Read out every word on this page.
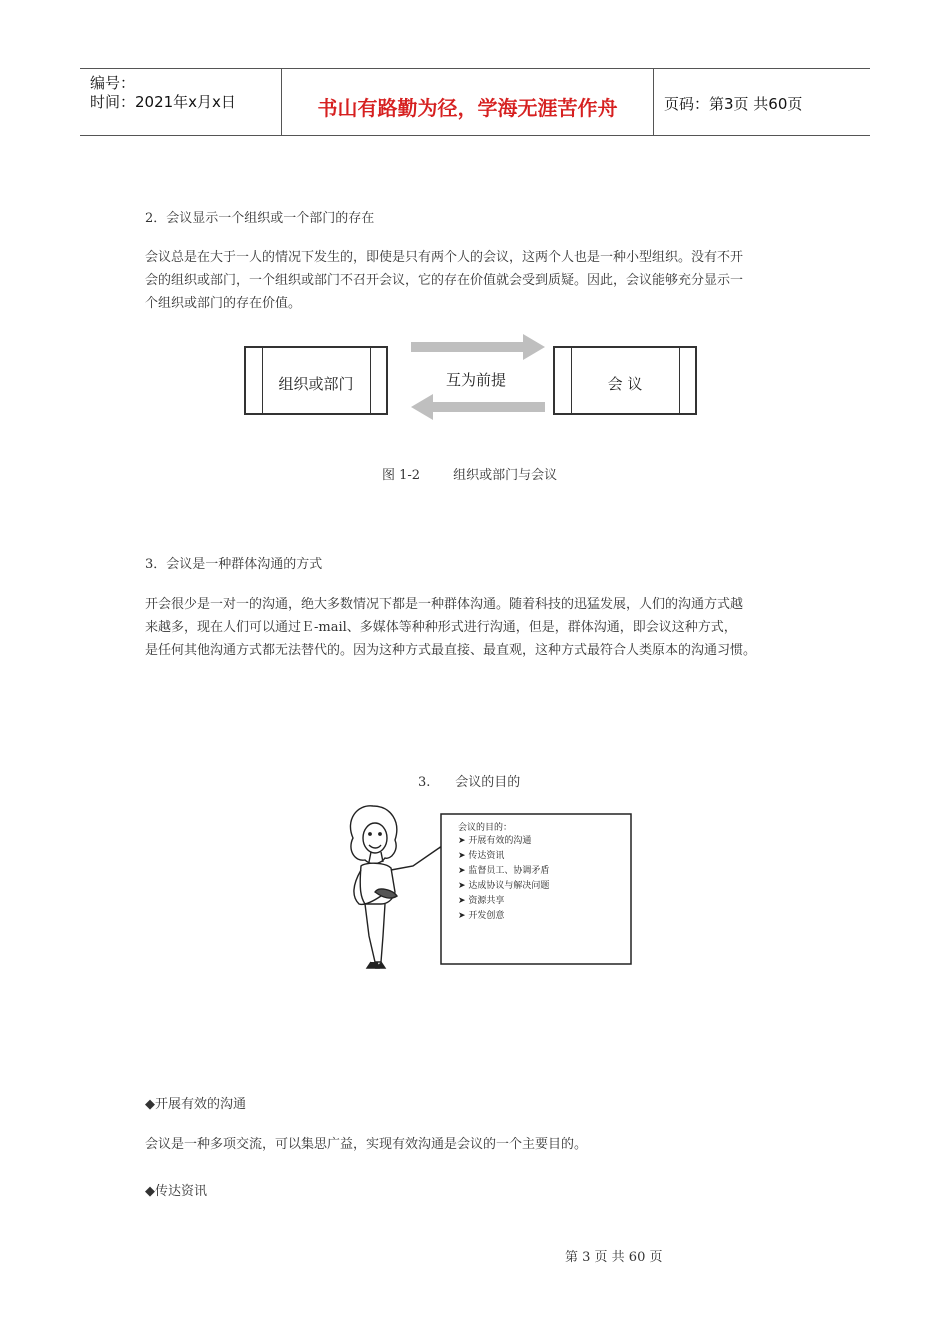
编号：
时间：2021年x月x日	书山有路勤为径，学海无涯苦作舟	页码：第3页 共60页
2．会议显示一个组织或一个部门的存在
会议总是在大于一人的情况下发生的，即使是只有两个人的会议，这两个人也是一种小型组织。没有不开
会的组织或部门，一个组织或部门不召开会议，它的存在价值就会受到质疑。因此，会议能够充分显示一
个组织或部门的存在价值。
组织或部门	互为前提	会 议
图 1-2        组织或部门与会议
3．会议是一种群体沟通的方式
开会很少是一对一的沟通，绝大多数情况下都是一种群体沟通。随着科技的迅猛发展，人们的沟通方式越
来越多，现在人们可以通过Ｅ-mail、多媒体等种种形式进行沟通，但是，群体沟通，即会议这种方式，
是任何其他沟通方式都无法替代的。因为这种方式最直接、最直观，这种方式最符合人类原本的沟通习惯。
3.      会议的目的
会议的目的：
➤ 开展有效的沟通
➤ 传达资讯
➤ 监督员工、协调矛盾
➤ 达成协议与解决问题
➤ 资源共享
➤ 开发创意
◆开展有效的沟通
会议是一种多项交流，可以集思广益，实现有效沟通是会议的一个主要目的。
◆传达资讯
第 3 页 共 60 页
